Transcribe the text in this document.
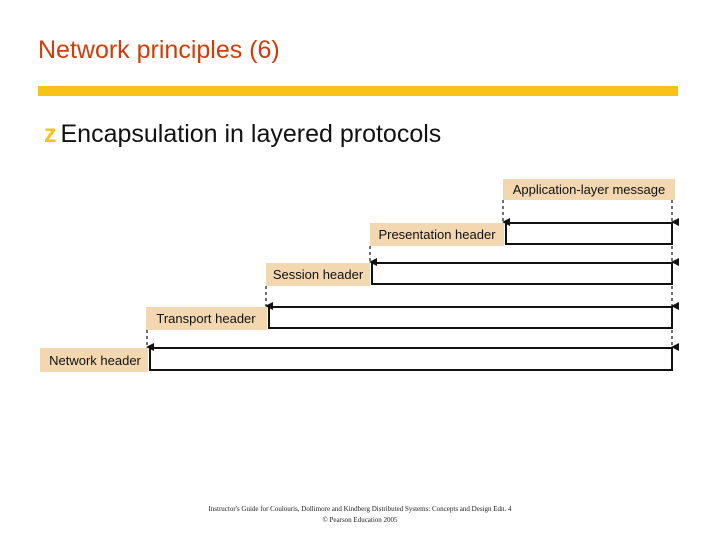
Network principles (6)
z Encapsulation in layered protocols
Application-layer message
Presentation header
Session header
Transport header
Network header
Instructor's Guide for Coulouris, Dollimore and Kindberg Distributed Systems: Concepts and Design Edn. 4
© Pearson Education 2005
